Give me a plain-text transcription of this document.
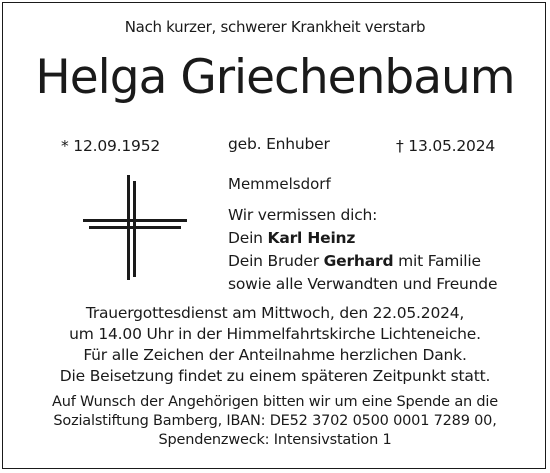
Nach kurzer, schwerer Krankheit verstarb
Helga Griechenbaum
* 12.09.1952	geb. Enhuber	† 13.05.2024
Memmelsdorf
Wir vermissen dich:
Dein Karl Heinz
Dein Bruder Gerhard mit Familie
sowie alle Verwandten und Freunde
Trauergottesdienst am Mittwoch, den 22.05.2024,
um 14.00 Uhr in der Himmelfahrtskirche Lichteneiche.
Für alle Zeichen der Anteilnahme herzlichen Dank.
Die Beisetzung findet zu einem späteren Zeitpunkt statt.
Auf Wunsch der Angehörigen bitten wir um eine Spende an die
Sozialstiftung Bamberg, IBAN: DE52 3702 0500 0001 7289 00,
Spendenzweck: Intensivstation 1
